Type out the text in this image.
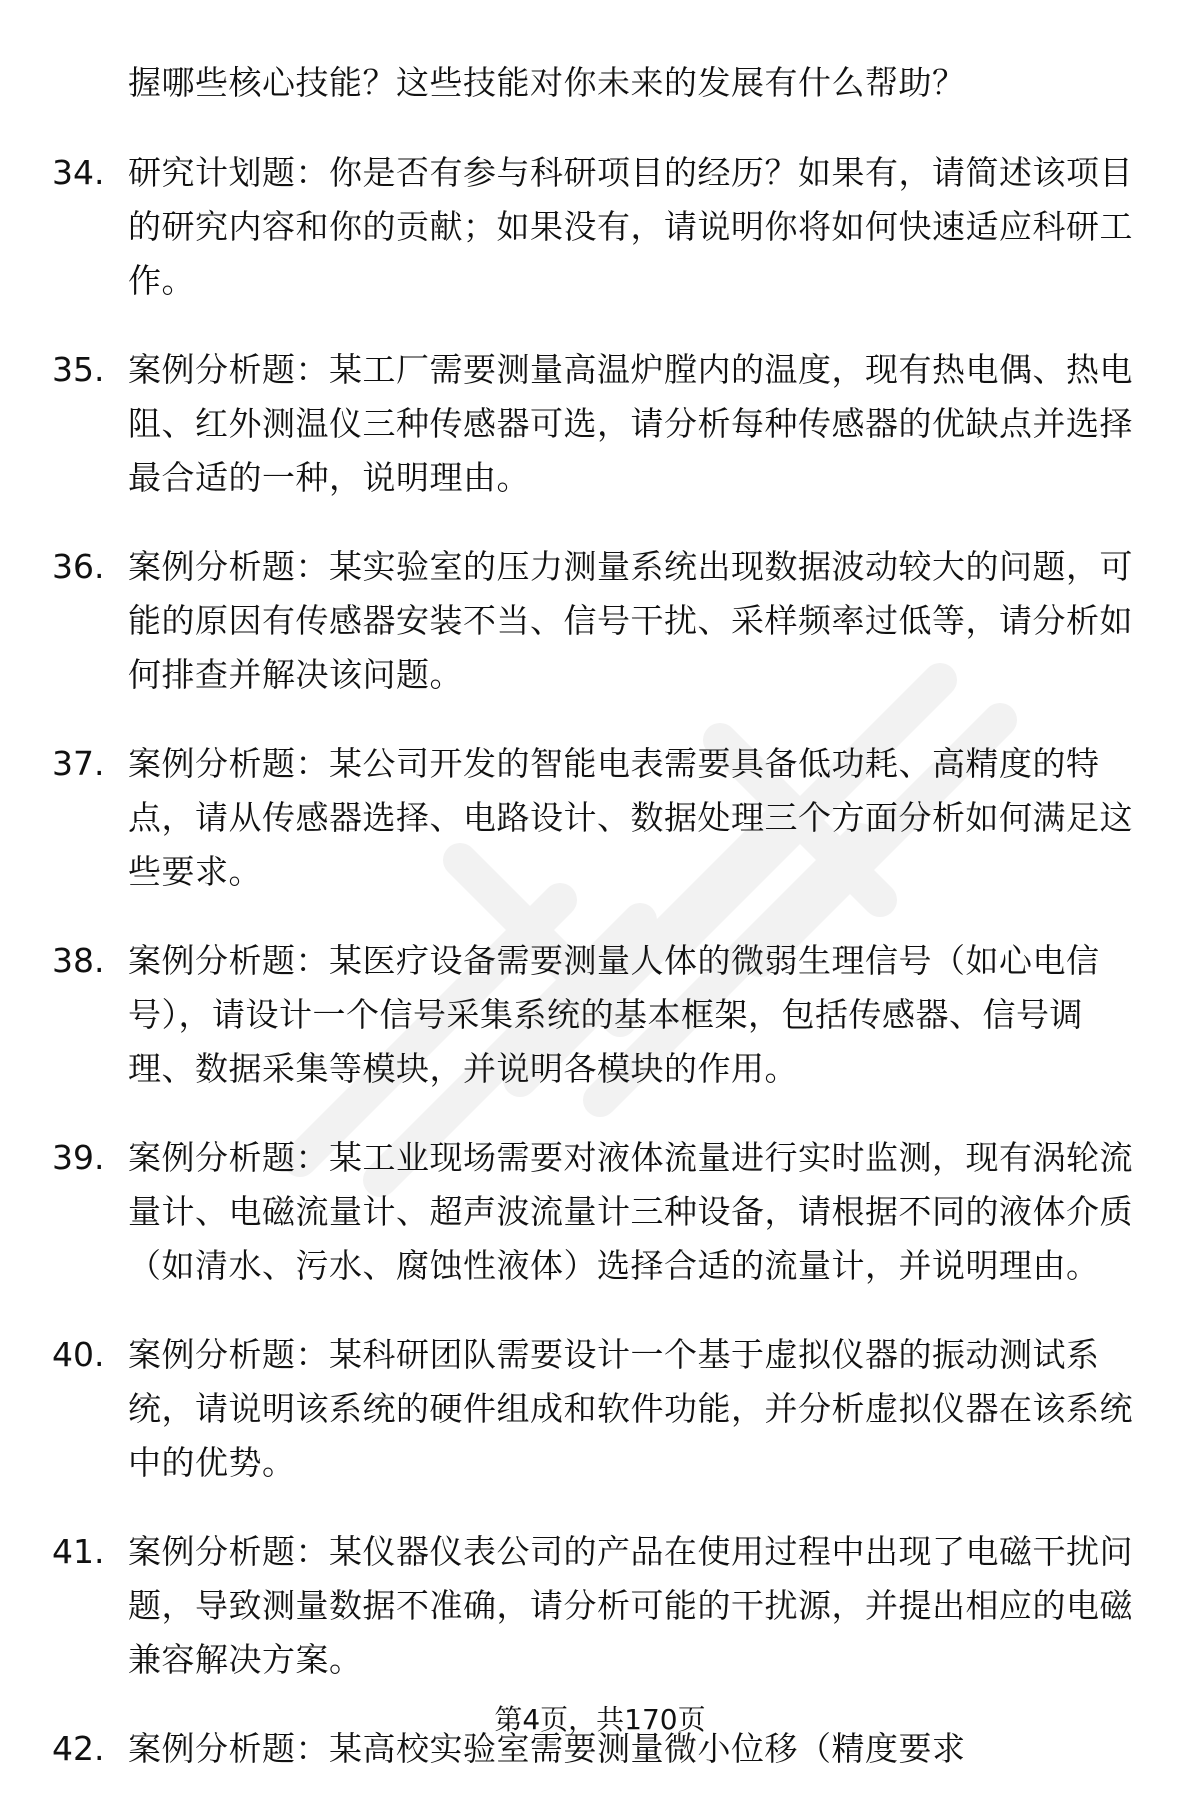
握哪些核心技能？这些技能对你未来的发展有什么帮助？
34. 研究计划题：你是否有参与科研项目的经历？如果有，请简述该项目的研究内容和你的贡献；如果没有，请说明你将如何快速适应科研工作。
35. 案例分析题：某工厂需要测量高温炉膛内的温度，现有热电偶、热电阻、红外测温仪三种传感器可选，请分析每种传感器的优缺点并选择最合适的一种，说明理由。
36. 案例分析题：某实验室的压力测量系统出现数据波动较大的问题，可能的原因有传感器安装不当、信号干扰、采样频率过低等，请分析如何排查并解决该问题。
37. 案例分析题：某公司开发的智能电表需要具备低功耗、高精度的特点，请从传感器选择、电路设计、数据处理三个方面分析如何满足这些要求。
38. 案例分析题：某医疗设备需要测量人体的微弱生理信号（如心电信号），请设计一个信号采集系统的基本框架，包括传感器、信号调理、数据采集等模块，并说明各模块的作用。
39. 案例分析题：某工业现场需要对液体流量进行实时监测，现有涡轮流量计、电磁流量计、超声波流量计三种设备，请根据不同的液体介质（如清水、污水、腐蚀性液体）选择合适的流量计，并说明理由。
40. 案例分析题：某科研团队需要设计一个基于虚拟仪器的振动测试系统，请说明该系统的硬件组成和软件功能，并分析虚拟仪器在该系统中的优势。
41. 案例分析题：某仪器仪表公司的产品在使用过程中出现了电磁干扰问题，导致测量数据不准确，请分析可能的干扰源，并提出相应的电磁兼容解决方案。
42. 案例分析题：某高校实验室需要测量微小位移（精度要求
第4页，共170页
